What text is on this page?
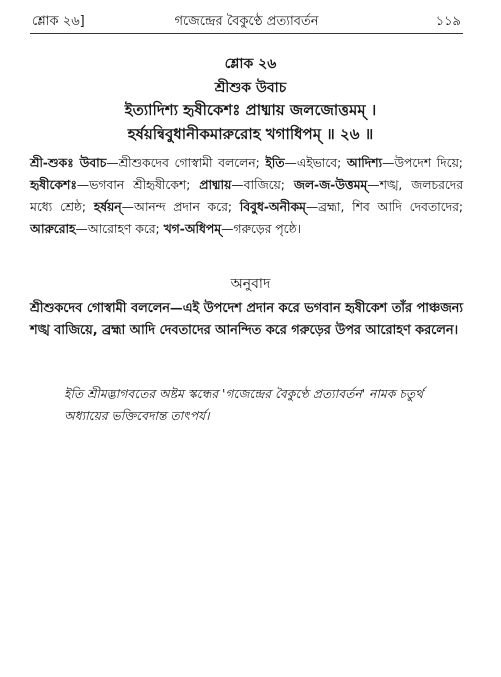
শ্লোক ২৬]	গজেন্দ্রের বৈকুণ্ঠে প্রত্যাবর্তন	১১৯
শ্লোক ২৬
শ্রীশুক উবাচ
ইত্যাদিশ্য হৃষীকেশঃ প্রাধ্মায় জলজোত্তমম্ ।
হর্ষয়ন্বিবুধানীকমারুরোহ খগাধিপম্ ॥ ২৬ ॥
শ্রী-শুকঃ উবাচ—শ্রীশুকদেব গোস্বামী বললেন; ইতি—এইভাবে; আদিশ্য—উপদেশ দিয়ে; হৃষীকেশঃ—ভগবান শ্রীহৃষীকেশ; প্রাধ্মায়—বাজিয়ে; জল-জ-উত্তমম্—শঙ্খ, জলচরদের মধ্যে শ্রেষ্ঠ; হর্ষয়ন্—আনন্দ প্রদান করে; বিবুধ-অনীকম্—ব্রহ্মা, শিব আদি দেবতাদের; আরুরোহ—আরোহণ করে; খগ-অধিপম্—গরুড়ের পৃষ্ঠে।
অনুবাদ
শ্রীশুকদেব গোস্বামী বললেন—এই উপদেশ প্রদান করে ভগবান হৃষীকেশ তাঁর পাঞ্চজন্য শঙ্খ বাজিয়ে, ব্রহ্মা আদি দেবতাদের আনন্দিত করে গরুড়ের উপর আরোহণ করলেন।
ইতি শ্রীমদ্ভাগবতের অষ্টম স্কন্ধের 'গজেন্দ্রের বৈকুণ্ঠে প্রত্যাবর্তন' নামক চতুর্থ অধ্যায়ের ভক্তিবেদান্ত তাৎপর্য।
